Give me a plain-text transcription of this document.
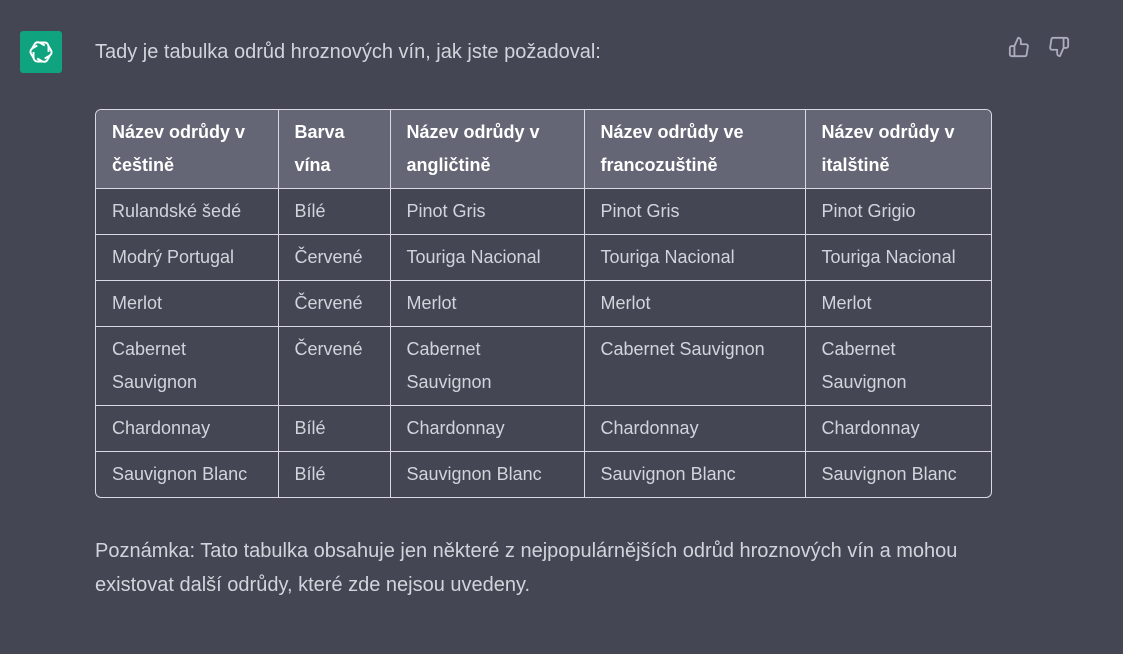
Tady je tabulka odrůd hroznových vín, jak jste požadoval:
Název odrůdy v češtině	Barva vína	Název odrůdy v angličtině	Název odrůdy ve francozuštině	Název odrůdy v italštině
Rulandské šedé	Bílé	Pinot Gris	Pinot Gris	Pinot Grigio
Modrý Portugal	Červené	Touriga Nacional	Touriga Nacional	Touriga Nacional
Merlot	Červené	Merlot	Merlot	Merlot
Cabernet Sauvignon	Červené	Cabernet Sauvignon	Cabernet Sauvignon	Cabernet Sauvignon
Chardonnay	Bílé	Chardonnay	Chardonnay	Chardonnay
Sauvignon Blanc	Bílé	Sauvignon Blanc	Sauvignon Blanc	Sauvignon Blanc
Poznámka: Tato tabulka obsahuje jen některé z nejpopulárnějších odrůd hroznových vín a mohou existovat další odrůdy, které zde nejsou uvedeny.
